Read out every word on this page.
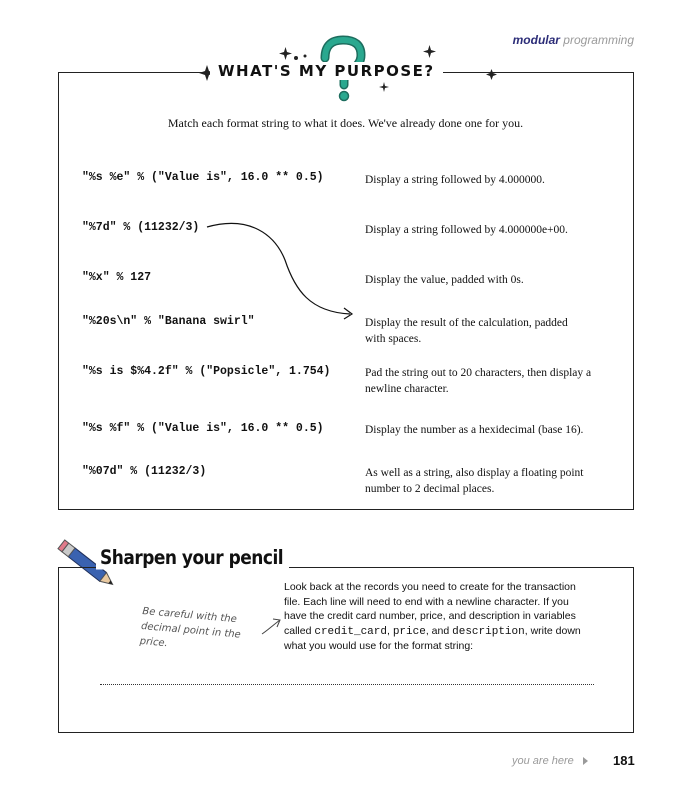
modular programming
WHAT'S MY PURPOSE?
Match each format string to what it does. We've already done one for you.
"%s %e" % ("Value is", 16.0 ** 0.5)
"%7d" % (11232/3)
"%x" % 127
"%20s\n" % "Banana swirl"
"%s is $%4.2f" % ("Popsicle", 1.754)
"%s %f" % ("Value is", 16.0 ** 0.5)
"%07d" % (11232/3)
Display a string followed by 4.000000.
Display a string followed by 4.000000e+00.
Display the value, padded with 0s.
Display the result of the calculation, padded with spaces.
Pad the string out to 20 characters, then display a newline character.
Display the number as a hexidecimal (base 16).
As well as a string, also display a floating point number to 2 decimal places.
Sharpen your pencil
Look back at the records you need to create for the transaction file. Each line will need to end with a newline character. If you have the credit card number, price, and description in variables called credit_card, price, and description, write down what you would use for the format string:
Be careful with the decimal point in the price.
you are here	181
